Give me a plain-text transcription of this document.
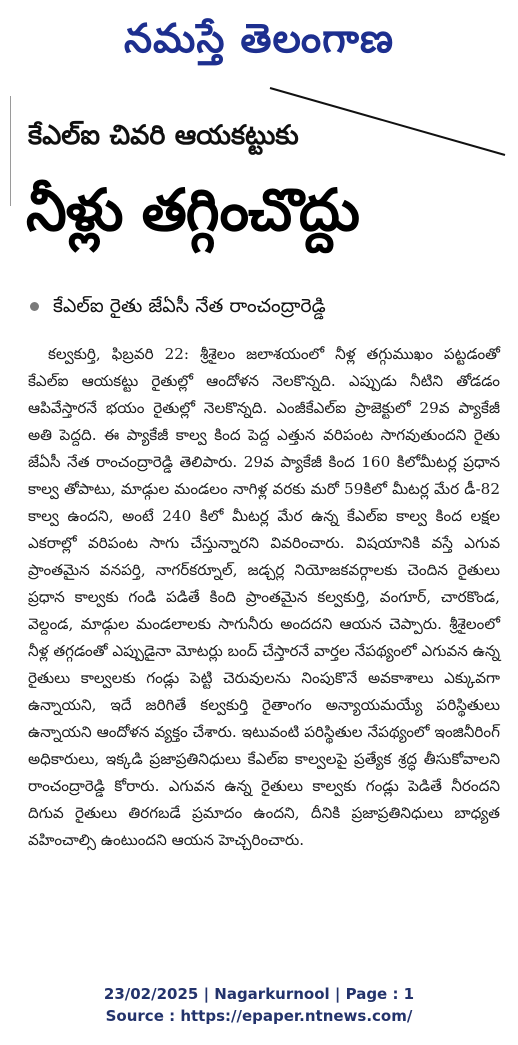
నమస్తే తెలంగాణ
కేఎల్ఐ చివరి ఆయకట్టుకు
నీళ్లు తగ్గించొద్దు
కేఎల్ఐ రైతు జేఏసీ నేత రాంచంద్రారెడ్డి

కల్వకుర్తి, ఫిబ్రవరి 22: శ్రీశైలం జలాశయంలో నీళ్ల తగ్గుముఖం పట్టడంతో కేఎల్ఐ ఆయకట్టు రైతుల్లో ఆందోళన నెలకొన్నది. ఎప్పుడు నీటిని తోడడం ఆపివేస్తారనే భయం రైతుల్లో నెలకొన్నది. ఎంజీకేఎల్ఐ ప్రాజెక్టులో 29వ ప్యాకేజీ అతి పెద్దది. ఈ ప్యాకేజీ కాల్వ కింద పెద్ద ఎత్తున వరిపంట సాగవుతుందని రైతు జేఏసీ నేత రాంచంద్రారెడ్డి తెలిపారు. 29వ ప్యాకేజీ కింద 160 కిలోమీటర్ల ప్రధాన కాల్వ తోపాటు, మాడ్గుల మండలం నాగిళ్ల వరకు మరో 59కిలో మీటర్ల మేర డీ-82 కాల్వ ఉందని, అంటే 240 కిలో మీటర్ల మేర ఉన్న కేఎల్ఐ కాల్వ కింద లక్షల ఎకరాల్లో వరిపంట సాగు చేస్తున్నారని వివరించారు. విషయానికి వస్తే ఎగువ ప్రాంతమైన వనపర్తి, నాగర్‌కర్నూల్, జడ్చర్ల నియోజకవర్గాలకు చెందిన రైతులు ప్రధాన కాల్వకు గండి పడితే కింది ప్రాంతమైన కల్వకుర్తి, వంగూర్, చారకొండ, వెల్దండ, మాడ్గుల మండలాలకు సాగునీరు అందదని ఆయన చెప్పారు. శ్రీశైలంలో నీళ్ల తగ్గడంతో ఎప్పుడైనా మోటర్లు బంద్ చేస్తారనే వార్తల నేపథ్యంలో ఎగువన ఉన్న రైతులు కాల్వలకు గండ్లు పెట్టి చెరువులను నింపుకొనే అవకాశాలు ఎక్కువగా ఉన్నాయని, ఇదే జరిగితే కల్వకుర్తి రైతాంగం అన్యాయమయ్యే పరిస్థితులు ఉన్నాయని ఆందోళన వ్యక్తం చేశారు. ఇటువంటి పరిస్థితుల నేపథ్యంలో ఇంజినీరింగ్ అధికారులు, ఇక్కడి ప్రజాప్రతినిధులు కేఎల్ఐ కాల్వలపై ప్రత్యేక శ్రద్ధ తీసుకోవాలని రాంచంద్రారెడ్డి కోరారు. ఎగువన ఉన్న రైతులు కాల్వకు గండ్లు పెడితే నీరందని దిగువ రైతులు తిరగబడే ప్రమాదం ఉందని, దీనికి ప్రజాప్రతినిధులు బాధ్యత వహించాల్సి ఉంటుందని ఆయన హెచ్చరించారు.

23/02/2025 | Nagarkurnool | Page : 1
Source : https://epaper.ntnews.com/
